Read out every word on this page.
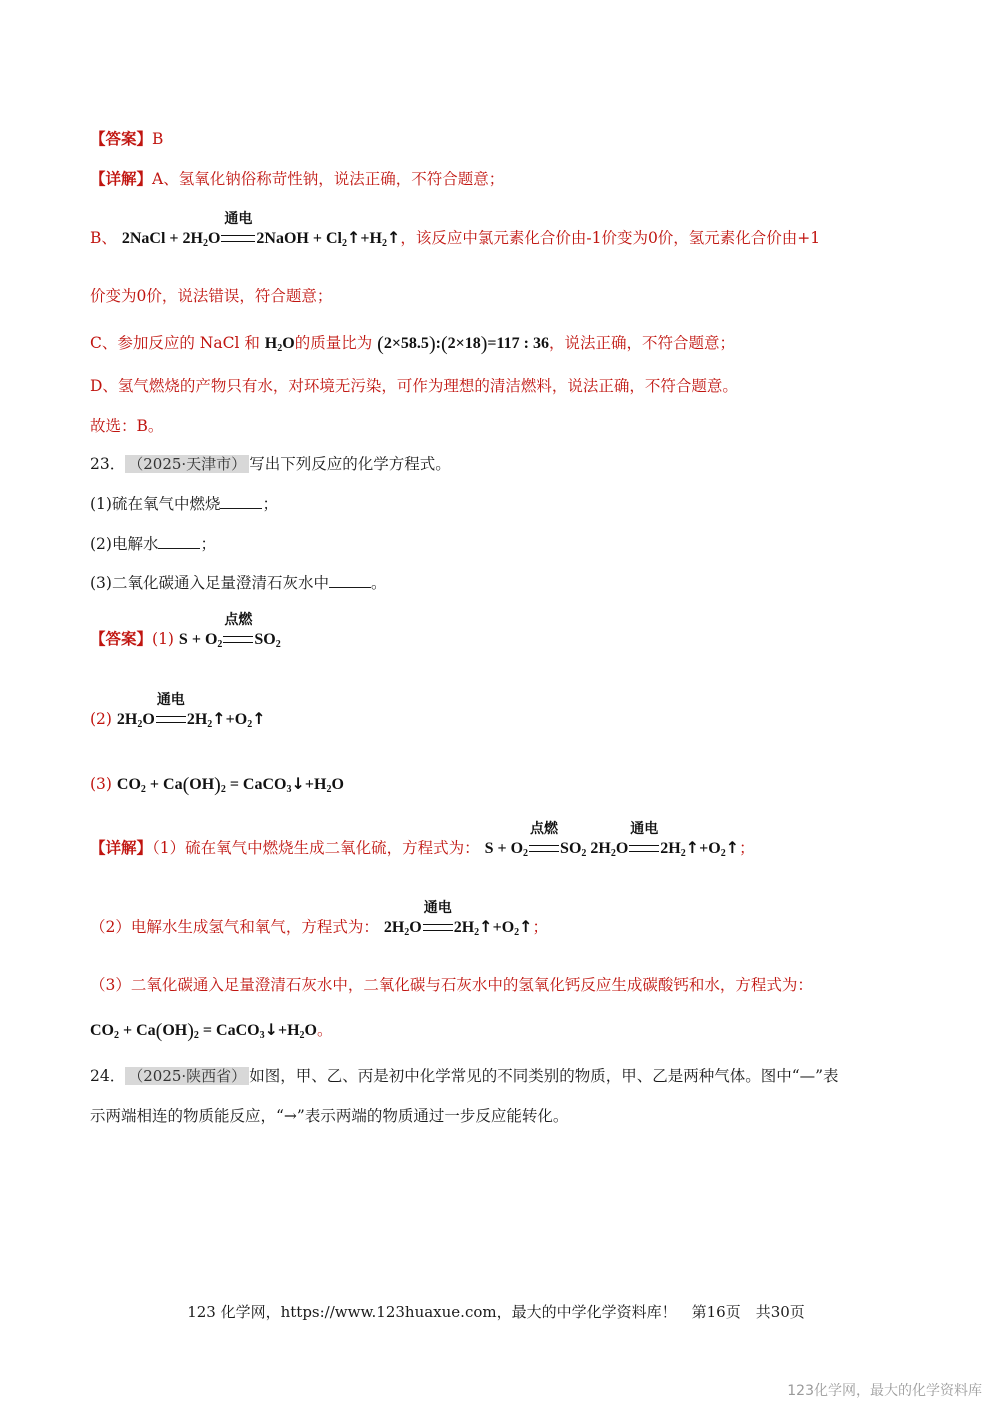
【答案】B
【详解】A、氢氧化钠俗称苛性钠，说法正确，不符合题意；
B、 2NaCl + $2H_2O$
通电
2NaOH + $Cl_2↑+H_2↑$，该反应中氯元素化合价由-1价变为0价，氢元素化合价由+1
价变为0价，说法错误，符合题意；
C、参加反应的 NaCl 和 $H_2O$的质量比为 (2×58.5):(2×18)=117 : 36，说法正确，不符合题意；
D、氢气燃烧的产物只有水，对环境无污染，可作为理想的清洁燃料，说法正确，不符合题意。
故选：B。
23． （2025·天津市） 写出下列反应的化学方程式。
(1)硫在氧气中燃烧	；
(2)电解水	；
(3)二氧化碳通入足量澄清石灰水中	。
【答案】(1) $S + O_2$
点燃
$SO_2$
(2) $2H_2O$
通电
$2H_2↑+O_2↑$
(3) $CO_2 + Ca(OH)_2$ = $CaCO_3↓+H_2O$
【详解】（1）硫在氧气中燃烧生成二氧化硫，方程式为： $S + O_2$
点燃
$SO_2$ $2H_2O$
通电
$2H_2↑+O_2↑$；
（2）电解水生成氢气和氧气，方程式为： $2H_2O$
通电
$2H_2↑+O_2↑$；
（3）二氧化碳通入足量澄清石灰水中，二氧化碳与石灰水中的氢氧化钙反应生成碳酸钙和水，方程式为：
$CO_2 + Ca(OH)_2$ = $CaCO_3↓+H_2O$。
24． （2025·陕西省） 如图，甲、乙、丙是初中化学常见的不同类别的物质，甲、乙是两种气体。图中“—”表
示两端相连的物质能反应，“→”表示两端的物质通过一步反应能转化。
123 化学网，https://www.123huaxue.com，最大的中学化学资料库！　第16页　共30页
123化学网，最大的化学资料库
